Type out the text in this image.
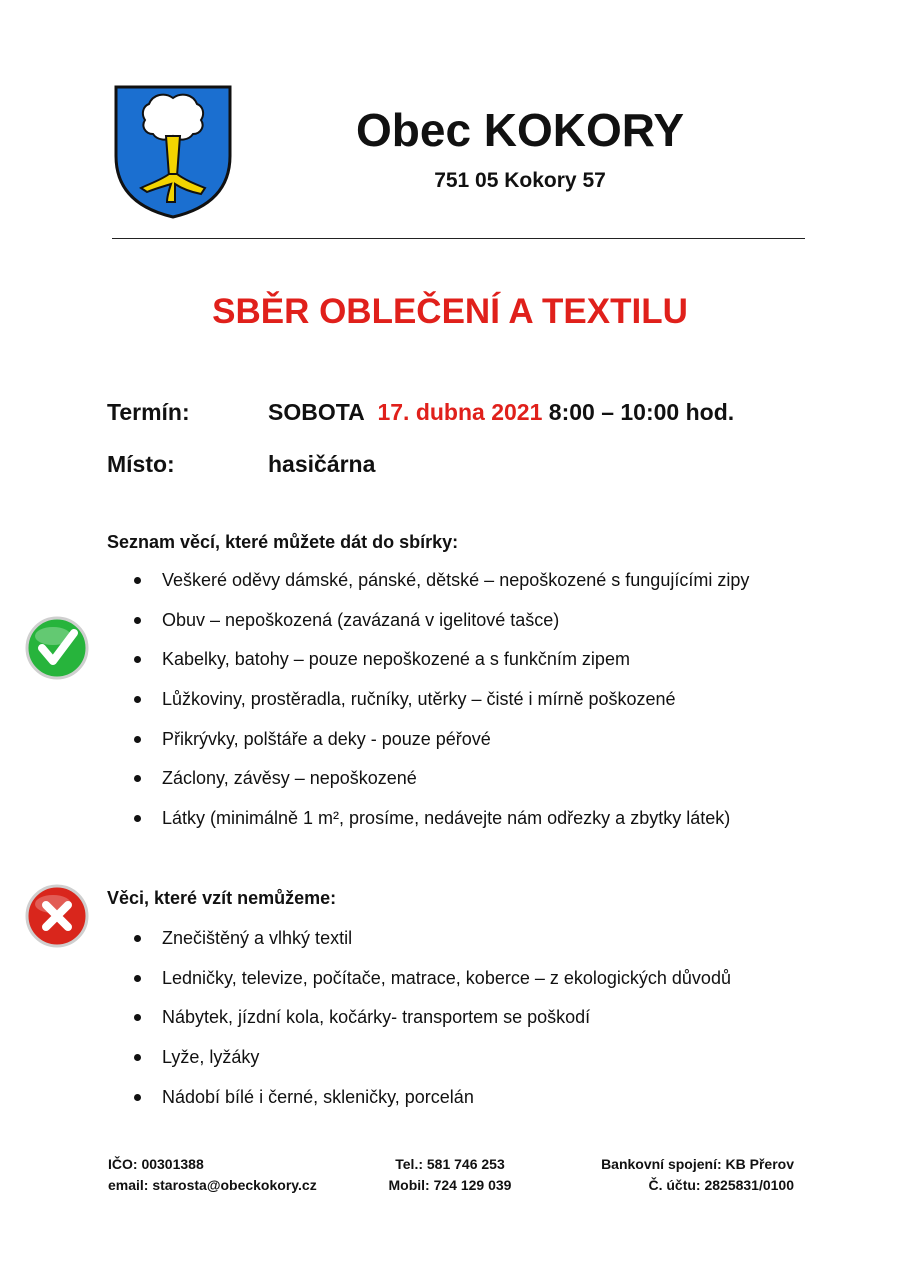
Obec KOKORY
751 05 Kokory 57
SBĚR OBLEČENÍ A TEXTILU
Termín:	SOBOTA 17. dubna 2021 8:00 – 10:00 hod.
Místo:	hasičárna
Seznam věcí, které můžete dát do sbírky:
Veškeré oděvy dámské, pánské, dětské – nepoškozené s fungujícími zipy
Obuv – nepoškozená (zavázaná v igelitové tašce)
Kabelky, batohy – pouze nepoškozené a s funkčním zipem
Lůžkoviny, prostěradla, ručníky, utěrky – čisté i mírně poškozené
Přikrývky, polštáře a deky - pouze péřové
Záclony, závěsy – nepoškozené
Látky (minimálně 1 m², prosíme, nedávejte nám odřezky a zbytky látek)
Věci, které vzít nemůžeme:
Znečištěný a vlhký textil
Ledničky, televize, počítače, matrace, koberce – z ekologických důvodů
Nábytek, jízdní kola, kočárky- transportem se poškodí
Lyže, lyžáky
Nádobí bílé i černé, skleničky, porcelán
IČO: 00301388
email: starosta@obeckokory.cz
Tel.: 581 746 253
Mobil: 724 129 039
Bankovní spojení: KB Přerov
Č. účtu: 2825831/0100
